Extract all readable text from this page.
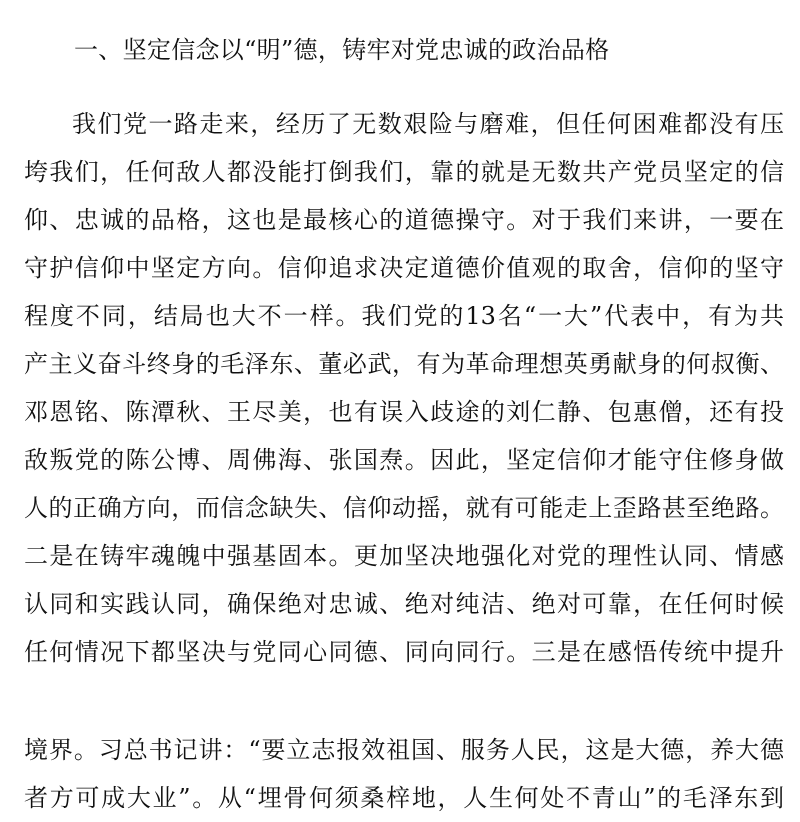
一、坚定信念以“明”德，铸牢对党忠诚的政治品格
我们党一路走来，经历了无数艰险与磨难，但任何困难都没有压
垮我们，任何敌人都没能打倒我们，靠的就是无数共产党员坚定的信
仰、忠诚的品格，这也是最核心的道德操守。对于我们来讲，一要在
守护信仰中坚定方向。信仰追求决定道德价值观的取舍，信仰的坚守
程度不同，结局也大不一样。我们党的13名“一大”代表中，有为共
产主义奋斗终身的毛泽东、董必武，有为革命理想英勇献身的何叔衡、
邓恩铭、陈潭秋、王尽美，也有误入歧途的刘仁静、包惠僧，还有投
敌叛党的陈公博、周佛海、张国焘。因此，坚定信仰才能守住修身做
人的正确方向，而信念缺失、信仰动摇，就有可能走上歪路甚至绝路。
二是在铸牢魂魄中强基固本。更加坚决地强化对党的理性认同、情感
认同和实践认同，确保绝对忠诚、绝对纯洁、绝对可靠，在任何时候
任何情况下都坚决与党同心同德、同向同行。三是在感悟传统中提升
境界。习总书记讲：“要立志报效祖国、服务人民，这是大德，养大德
者方可成大业”。从“埋骨何须桑梓地，人生何处不青山”的毛泽东到
